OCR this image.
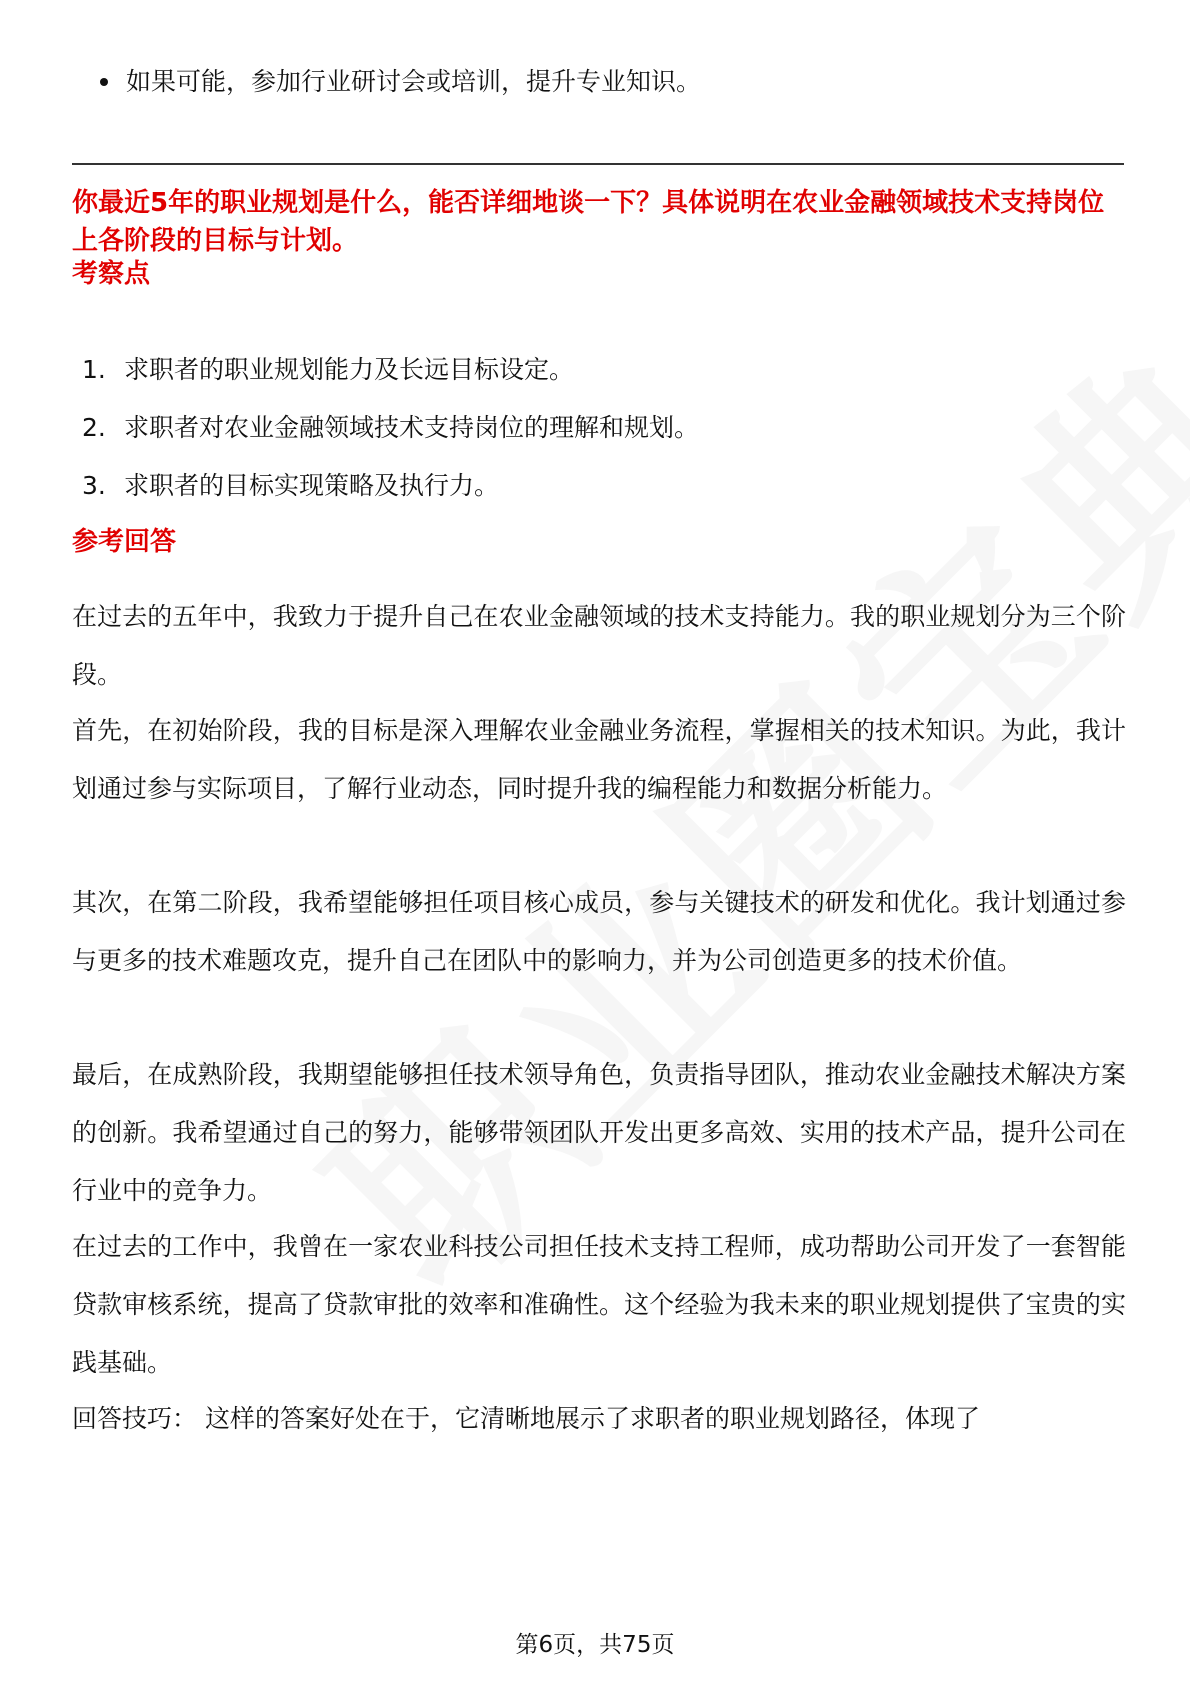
如果可能，参加行业研讨会或培训，提升专业知识。
你最近5年的职业规划是什么，能否详细地谈一下？具体说明在农业金融领域技术支持岗位上各阶段的目标与计划。
考察点
1. 求职者的职业规划能力及长远目标设定。
2. 求职者对农业金融领域技术支持岗位的理解和规划。
3. 求职者的目标实现策略及执行力。
参考回答
在过去的五年中，我致力于提升自己在农业金融领域的技术支持能力。我的职业规划分为三个阶段。
首先，在初始阶段，我的目标是深入理解农业金融业务流程，掌握相关的技术知识。为此，我计划通过参与实际项目，了解行业动态，同时提升我的编程能力和数据分析能力。
其次，在第二阶段，我希望能够担任项目核心成员，参与关键技术的研发和优化。我计划通过参与更多的技术难题攻克，提升自己在团队中的影响力，并为公司创造更多的技术价值。
最后，在成熟阶段，我期望能够担任技术领导角色，负责指导团队，推动农业金融技术解决方案的创新。我希望通过自己的努力，能够带领团队开发出更多高效、实用的技术产品，提升公司在行业中的竞争力。
在过去的工作中，我曾在一家农业科技公司担任技术支持工程师，成功帮助公司开发了一套智能贷款审核系统，提高了贷款审批的效率和准确性。这个经验为我未来的职业规划提供了宝贵的实践基础。
回答技巧： 这样的答案好处在于，它清晰地展示了求职者的职业规划路径，体现了
第6页，共75页
